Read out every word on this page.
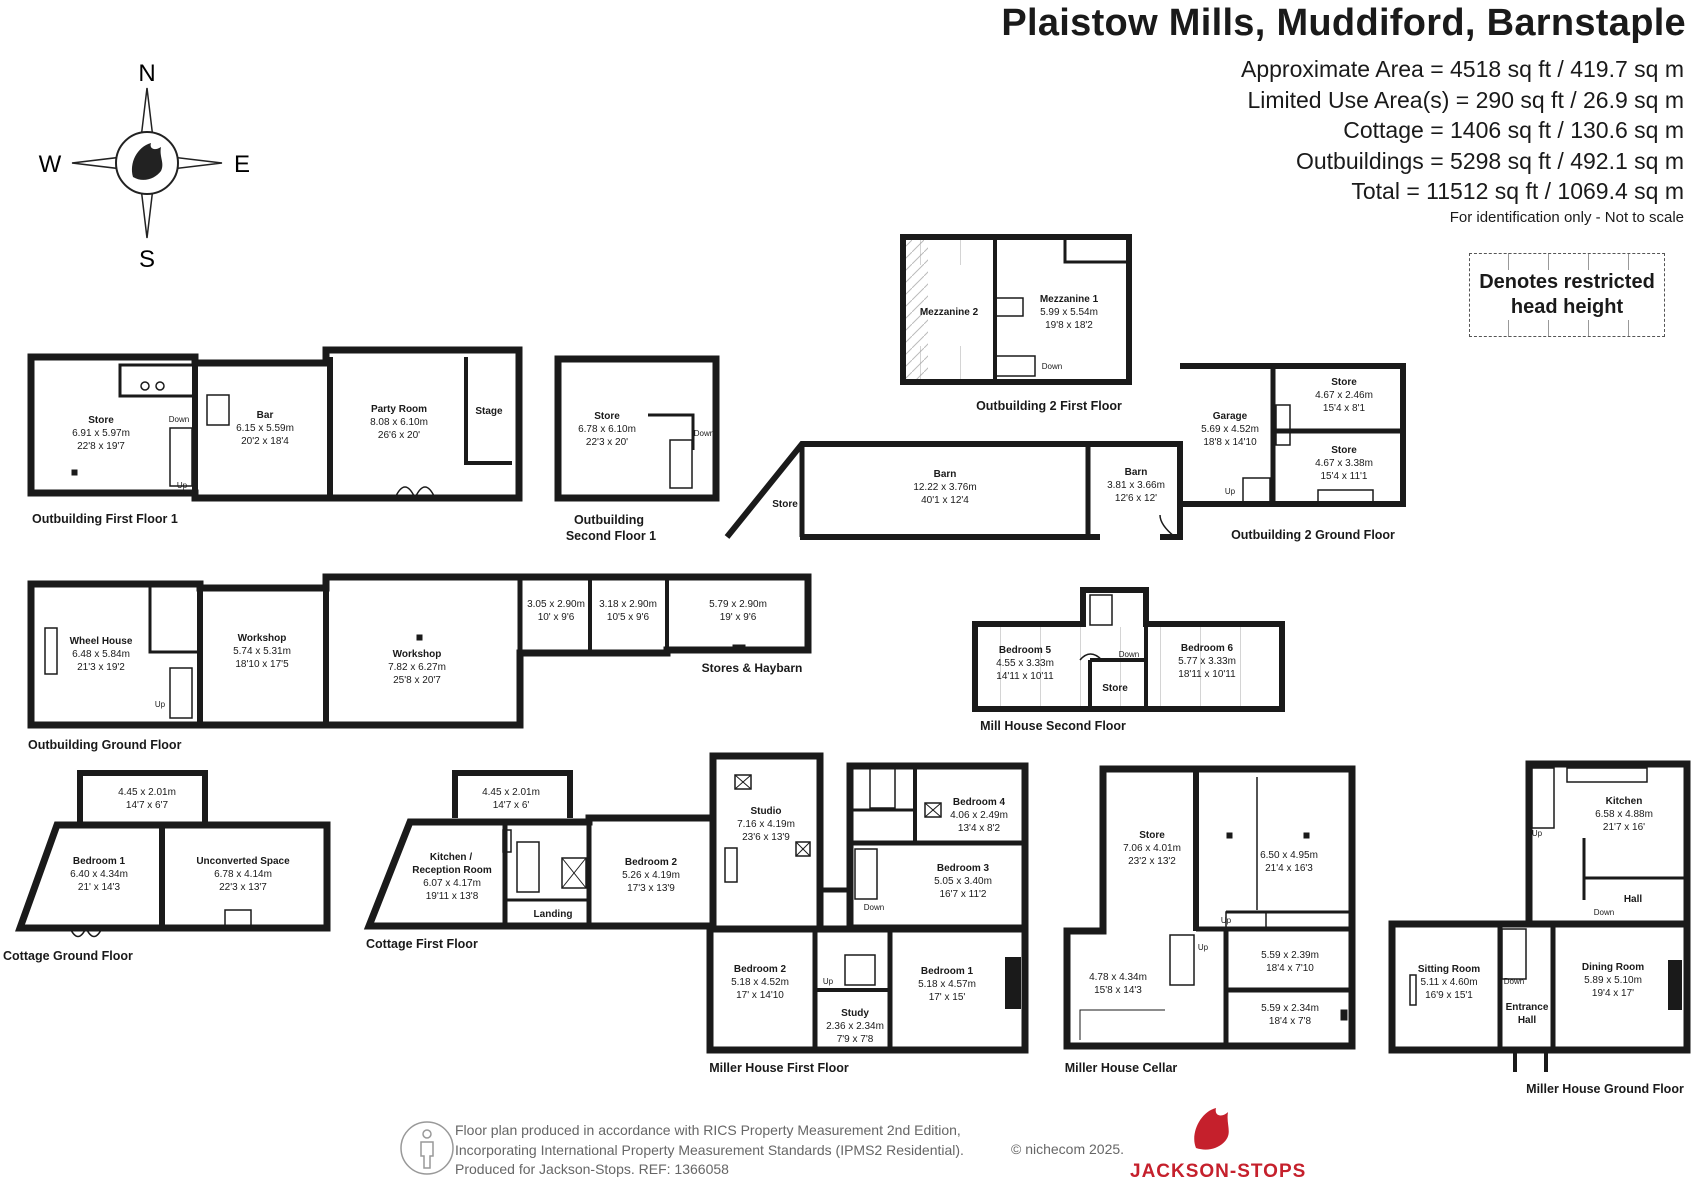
N
S
E
W
Store
6.91 x 5.97m
22'8 x 19'7
Down
Up
Bar
6.15 x 5.59m
20'2 x 18'4
Party Room
8.08 x 6.10m
26'6 x 20'
Stage
Outbuilding First Floor 1
Store
6.78 x 6.10m
22'3 x 20'
Down
Outbuilding
Second Floor 1
Mezzanine 2
Mezzanine 1
5.99 x 5.54m
19'8 x 18'2
Down
Outbuilding 2 First Floor
Store
Barn
12.22 x 3.76m
40'1 x 12'4
Barn
3.81 x 3.66m
12'6 x 12'
Garage
5.69 x 4.52m
18'8 x 14'10
Store
4.67 x 2.46m
15'4 x 8'1
Store
4.67 x 3.38m
15'4 x 11'1
Up
Outbuilding 2 Ground Floor
Wheel House
6.48 x 5.84m
21'3 x 19'2
Up
Workshop
5.74 x 5.31m
18'10 x 17'5
Workshop
7.82 x 6.27m
25'8 x 20'7
3.05 x 2.90m
10' x 9'6
3.18 x 2.90m
10'5 x 9'6
5.79 x 2.90m
19' x 9'6
Stores & Haybarn
Outbuilding Ground Floor
Bedroom 5
4.55 x 3.33m
14'11 x 10'11
Bedroom 6
5.77 x 3.33m
18'11 x 10'11
Down
Store
Mill House Second Floor
4.45 x 2.01m
14'7 x 6'7
Bedroom 1
6.40 x 4.34m
21' x 14'3
Unconverted Space
6.78 x 4.14m
22'3 x 13'7
Cottage Ground Floor
4.45 x 2.01m
14'7 x 6'
Kitchen /
Reception Room
6.07 x 4.17m
19'11 x 13'8
Landing
Bedroom 2
5.26 x 4.19m
17'3 x 13'9
Cottage First Floor
Studio
7.16 x 4.19m
23'6 x 13'9
Bedroom 4
4.06 x 2.49m
13'4 x 8'2
Bedroom 3
5.05 x 3.40m
16'7 x 11'2
Down
Bedroom 2
5.18 x 4.52m
17' x 14'10
Up
Bedroom 1
5.18 x 4.57m
17' x 15'
Study
2.36 x 2.34m
7'9 x 7'8
Miller House First Floor
Store
7.06 x 4.01m
23'2 x 13'2
6.50 x 4.95m
21'4 x 16'3
Up
Up
4.78 x 4.34m
15'8 x 14'3
5.59 x 2.39m
18'4 x 7'10
5.59 x 2.34m
18'4 x 7'8
Miller House Cellar
Kitchen
6.58 x 4.88m
21'7 x 16'
Hall
Down
Up
Sitting Room
5.11 x 4.60m
16'9 x 15'1
Down
Entrance
Hall
Dining Room
5.89 x 5.10m
19'4 x 17'
Miller House Ground Floor
Plaistow Mills, Muddiford, Barnstaple
Approximate Area = 4518 sq ft / 419.7 sq m
Limited Use Area(s) = 290 sq ft / 26.9 sq m
Cottage = 1406 sq ft / 130.6 sq m
Outbuildings = 5298 sq ft / 492.1 sq m
Total = 11512 sq ft / 1069.4 sq m
For identification only - Not to scale
Denotes restricted
head height
Floor plan produced in accordance with RICS Property Measurement 2nd Edition,
Incorporating International Property Measurement Standards (IPMS2 Residential).
Produced for Jackson-Stops. REF: 1366058
© nichecom 2025.
JACKSON-STOPS
